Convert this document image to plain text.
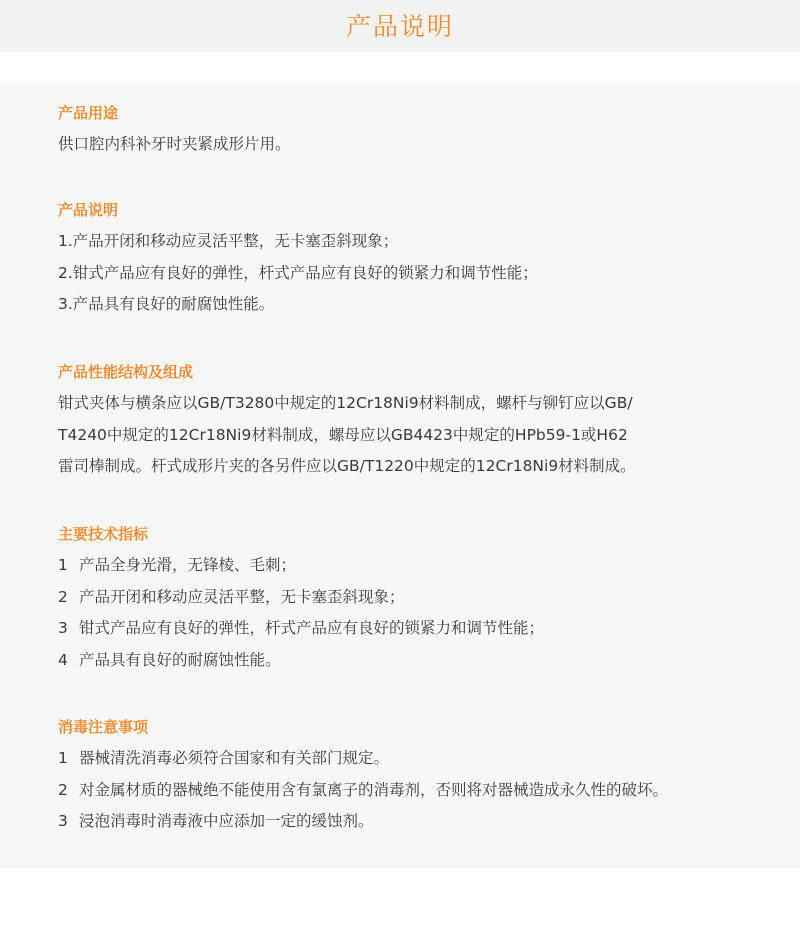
产品说明
产品用途
供口腔内科补牙时夹紧成形片用。
产品说明
1.产品开闭和移动应灵活平整，无卡塞歪斜现象；
2.钳式产品应有良好的弹性，杆式产品应有良好的锁紧力和调节性能；
3.产品具有良好的耐腐蚀性能。
产品性能结构及组成
钳式夹体与横条应以GB/T3280中规定的12Cr18Ni9材料制成，螺杆与铆钉应以GB/
T4240中规定的12Cr18Ni9材料制成，螺母应以GB4423中规定的HPb59-1或H62
雷司棒制成。杆式成形片夹的各另件应以GB/T1220中规定的12Cr18Ni9材料制成。
主要技术指标
1 产品全身光滑，无锋棱、毛刺；
2 产品开闭和移动应灵活平整，无卡塞歪斜现象；
3 钳式产品应有良好的弹性，杆式产品应有良好的锁紧力和调节性能；
4 产品具有良好的耐腐蚀性能。
消毒注意事项
1 器械清洗消毒必须符合国家和有关部门规定。
2 对金属材质的器械绝不能使用含有氯离子的消毒剂，否则将对器械造成永久性的破坏。
3 浸泡消毒时消毒液中应添加一定的缓蚀剂。
